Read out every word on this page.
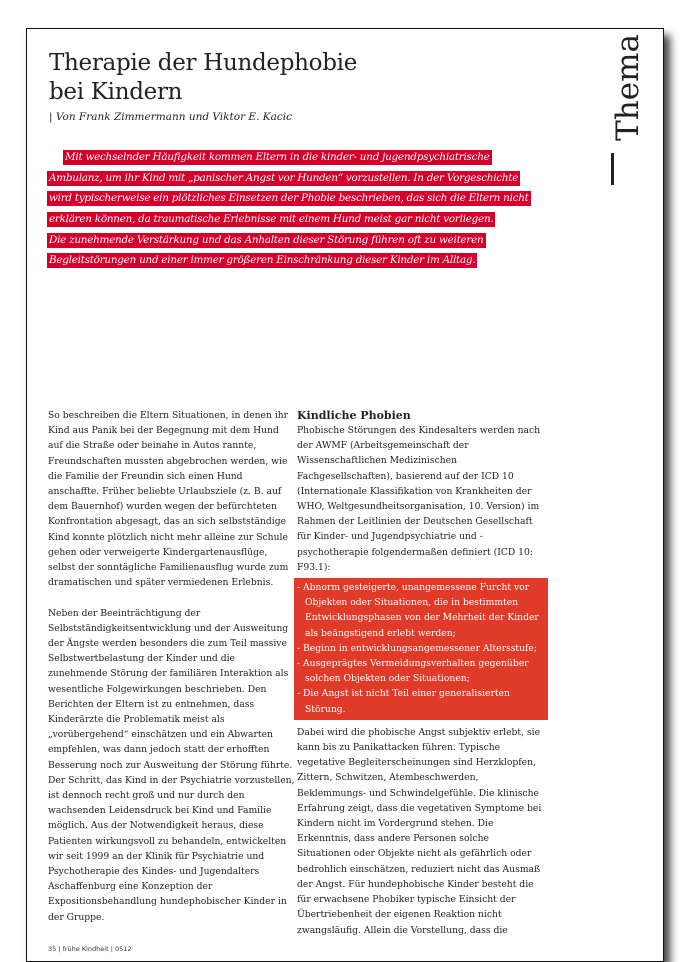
Therapie der Hundephobie
bei Kindern
| Von Frank Zimmermann und Viktor E. Kacic	Thema
Mit wechselnder Häufigkeit kommen Eltern in die kinder- und jugendpsychiatrische
Ambulanz, um ihr Kind mit „panischer Angst vor Hunden“ vorzustellen. In der Vorgeschichte
wird typischerweise ein plötzliches Einsetzen der Phobie beschrieben, das sich die Eltern nicht
erklären können, da traumatische Erlebnisse mit einem Hund meist gar nicht vorliegen.
Die zunehmende Verstärkung und das Anhalten dieser Störung führen oft zu weiteren
Begleitstörungen und einer immer größeren Einschränkung dieser Kinder im Alltag.

So beschreiben die Eltern Situationen, in denen ihr Kind aus Panik bei der Begegnung mit dem Hund auf die Straße oder beinahe in Autos rannte, Freundschaften mussten abgebrochen werden, wie die Familie der Freundin sich einen Hund anschaffte. Früher beliebte Urlaubsziele (z. B. auf dem Bauernhof) wurden wegen der befürchteten Konfrontation abgesagt, das an sich selbstständige Kind konnte plötzlich nicht mehr alleine zur Schule gehen oder verweigerte Kindergartenausflüge, selbst der sonntägliche Familienausflug wurde zum dramatischen und später vermiedenen Erlebnis.

Neben der Beeinträchtigung der Selbstständigkeitsentwicklung und der Ausweitung der Ängste werden besonders die zum Teil massive Selbstwertbelastung der Kinder und die zunehmende Störung der familiären Interaktion als wesentliche Folgewirkungen beschrieben. Den Berichten der Eltern ist zu entnehmen, dass Kinderärzte die Problematik meist als „vorübergehend“ einschätzen und ein Abwarten empfehlen, was dann jedoch statt der erhofften Besserung noch zur Ausweitung der Störung führte. Der Schritt, das Kind in der Psychiatrie vorzustellen, ist dennoch recht groß und nur durch den wachsenden Leidensdruck bei Kind und Familie möglich. Aus der Notwendigkeit heraus, diese Patienten wirkungsvoll zu behandeln, entwickelten wir seit 1999 an der Klinik für Psychiatrie und Psychotherapie des Kindes- und Jugendalters Aschaffenburg eine Konzeption der Expositionsbehandlung hundephobischer Kinder in der Gruppe.

Kindliche Phobien

Phobische Störungen des Kindesalters werden nach der AWMF (Arbeitsgemeinschaft der Wissenschaftlichen Medizinischen Fachgesellschaften), basierend auf der ICD 10 (Internationale Klassifikation von Krankheiten der WHO, Weltgesundheitsorganisation, 10. Version) im Rahmen der Leitlinien der Deutschen Gesellschaft für Kinder- und Jugendpsychiatrie und -psychotherapie folgendermaßen definiert (ICD 10: F93.1):

- Abnorm gesteigerte, unangemessene Furcht vor Objekten oder Situationen, die in bestimmten Entwicklungsphasen von der Mehrheit der Kinder als beängstigend erlebt werden;
- Beginn in entwicklungsangemessener Altersstufe;
- Ausgeprägtes Vermeidungsverhalten gegenüber solchen Objekten oder Situationen;
- Die Angst ist nicht Teil einer generalisierten Störung.

Dabei wird die phobische Angst subjektiv erlebt, sie kann bis zu Panikattacken führen. Typische vegetative Begleiterscheinungen sind Herzklopfen, Zittern, Schwitzen, Atembeschwerden, Beklemmungs- und Schwindelgefühle. Die klinische Erfahrung zeigt, dass die vegetativen Symptome bei Kindern nicht im Vordergrund stehen. Die Erkenntnis, dass andere Personen solche Situationen oder Objekte nicht als gefährlich oder bedrohlich einschätzen, reduziert nicht das Ausmaß der Angst. Für hundephobische Kinder besteht die für erwachsene Phobiker typische Einsicht der Übertriebenheit der eigenen Reaktion nicht zwangsläufig. Allein die Vorstellung, dass die

35 | frühe Kindheit | 0512
